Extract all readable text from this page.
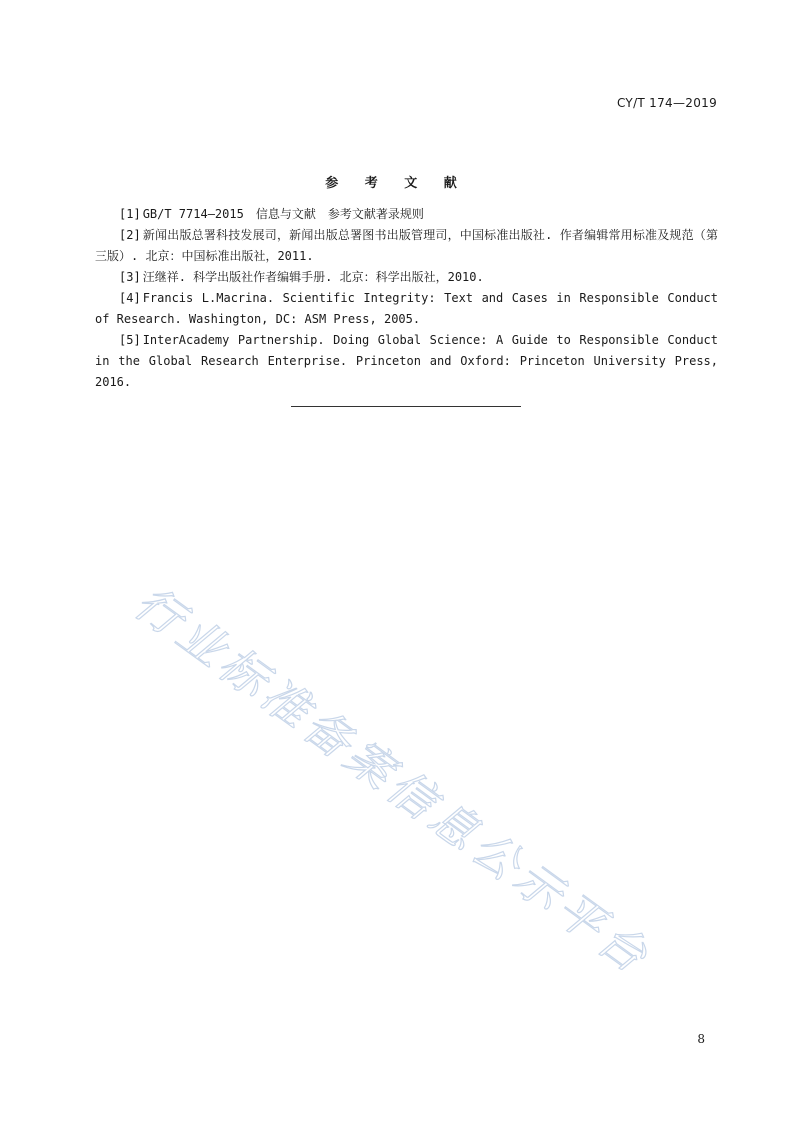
CY/T 174—2019
参 考 文 献
[1] GB/T 7714—2015　信息与文献　参考文献著录规则
[2] 新闻出版总署科技发展司，新闻出版总署图书出版管理司，中国标准出版社. 作者编辑常用标准及规范（第三版）. 北京：中国标准出版社，2011.
[3] 汪继祥. 科学出版社作者编辑手册. 北京：科学出版社，2010.
[4] Francis L.Macrina. Scientific Integrity: Text and Cases in Responsible Conduct of Research. Washington, DC: ASM Press, 2005.
[5] InterAcademy Partnership. Doing Global Science: A Guide to Responsible Conduct in the Global Research Enterprise. Princeton and Oxford: Princeton University Press, 2016.
行业标准备案信息公示平台
8
